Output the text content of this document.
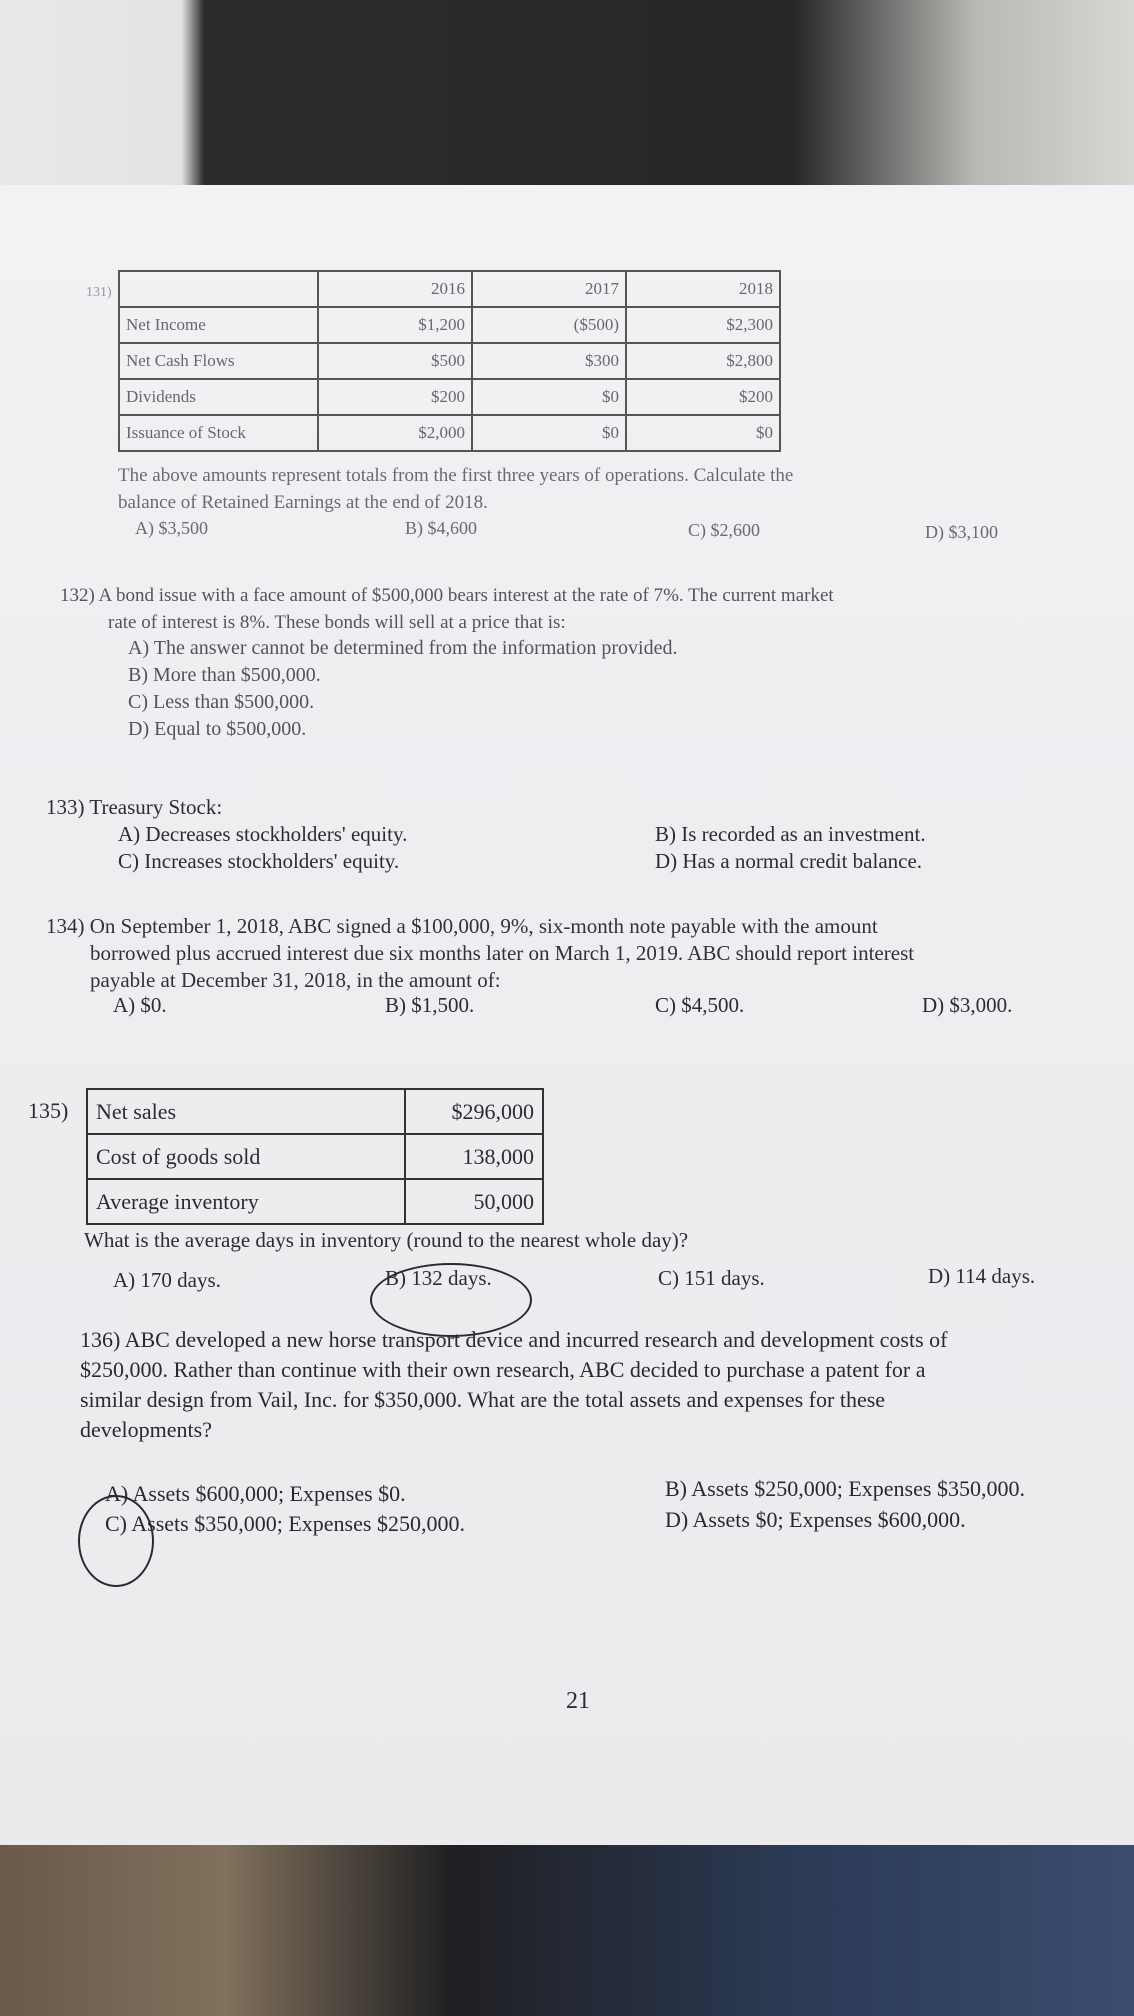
131)
		2016	2017	2018
Net Income	$1,200	($500)	$2,300
Net Cash Flows	$500	$300	$2,800
Dividends	$200	$0	$200
Issuance of Stock	$2,000	$0	$0
The above amounts represent totals from the first three years of operations. Calculate the
balance of Retained Earnings at the end of 2018.
A) $3,500	B) $4,600	C) $2,600	D) $3,100
132) A bond issue with a face amount of $500,000 bears interest at the rate of 7%. The current market
rate of interest is 8%. These bonds will sell at a price that is:
A) The answer cannot be determined from the information provided.
B) More than $500,000.
C) Less than $500,000.
D) Equal to $500,000.
133) Treasury Stock:
A) Decreases stockholders' equity.	B) Is recorded as an investment.
C) Increases stockholders' equity.	D) Has a normal credit balance.
134) On September 1, 2018, ABC signed a $100,000, 9%, six-month note payable with the amount
borrowed plus accrued interest due six months later on March 1, 2019. ABC should report interest
payable at December 31, 2018, in the amount of:
A) $0.	B) $1,500.	C) $4,500.	D) $3,000.
135) Net sales	$296,000
Cost of goods sold	138,000
Average inventory	50,000
What is the average days in inventory (round to the nearest whole day)?
A) 170 days.	B) 132 days.	C) 151 days.	D) 114 days.
136) ABC developed a new horse transport device and incurred research and development costs of
$250,000. Rather than continue with their own research, ABC decided to purchase a patent for a
similar design from Vail, Inc. for $350,000. What are the total assets and expenses for these
developments?
A) Assets $600,000; Expenses $0.	B) Assets $250,000; Expenses $350,000.
C) Assets $350,000; Expenses $250,000.	D) Assets $0; Expenses $600,000.
21
